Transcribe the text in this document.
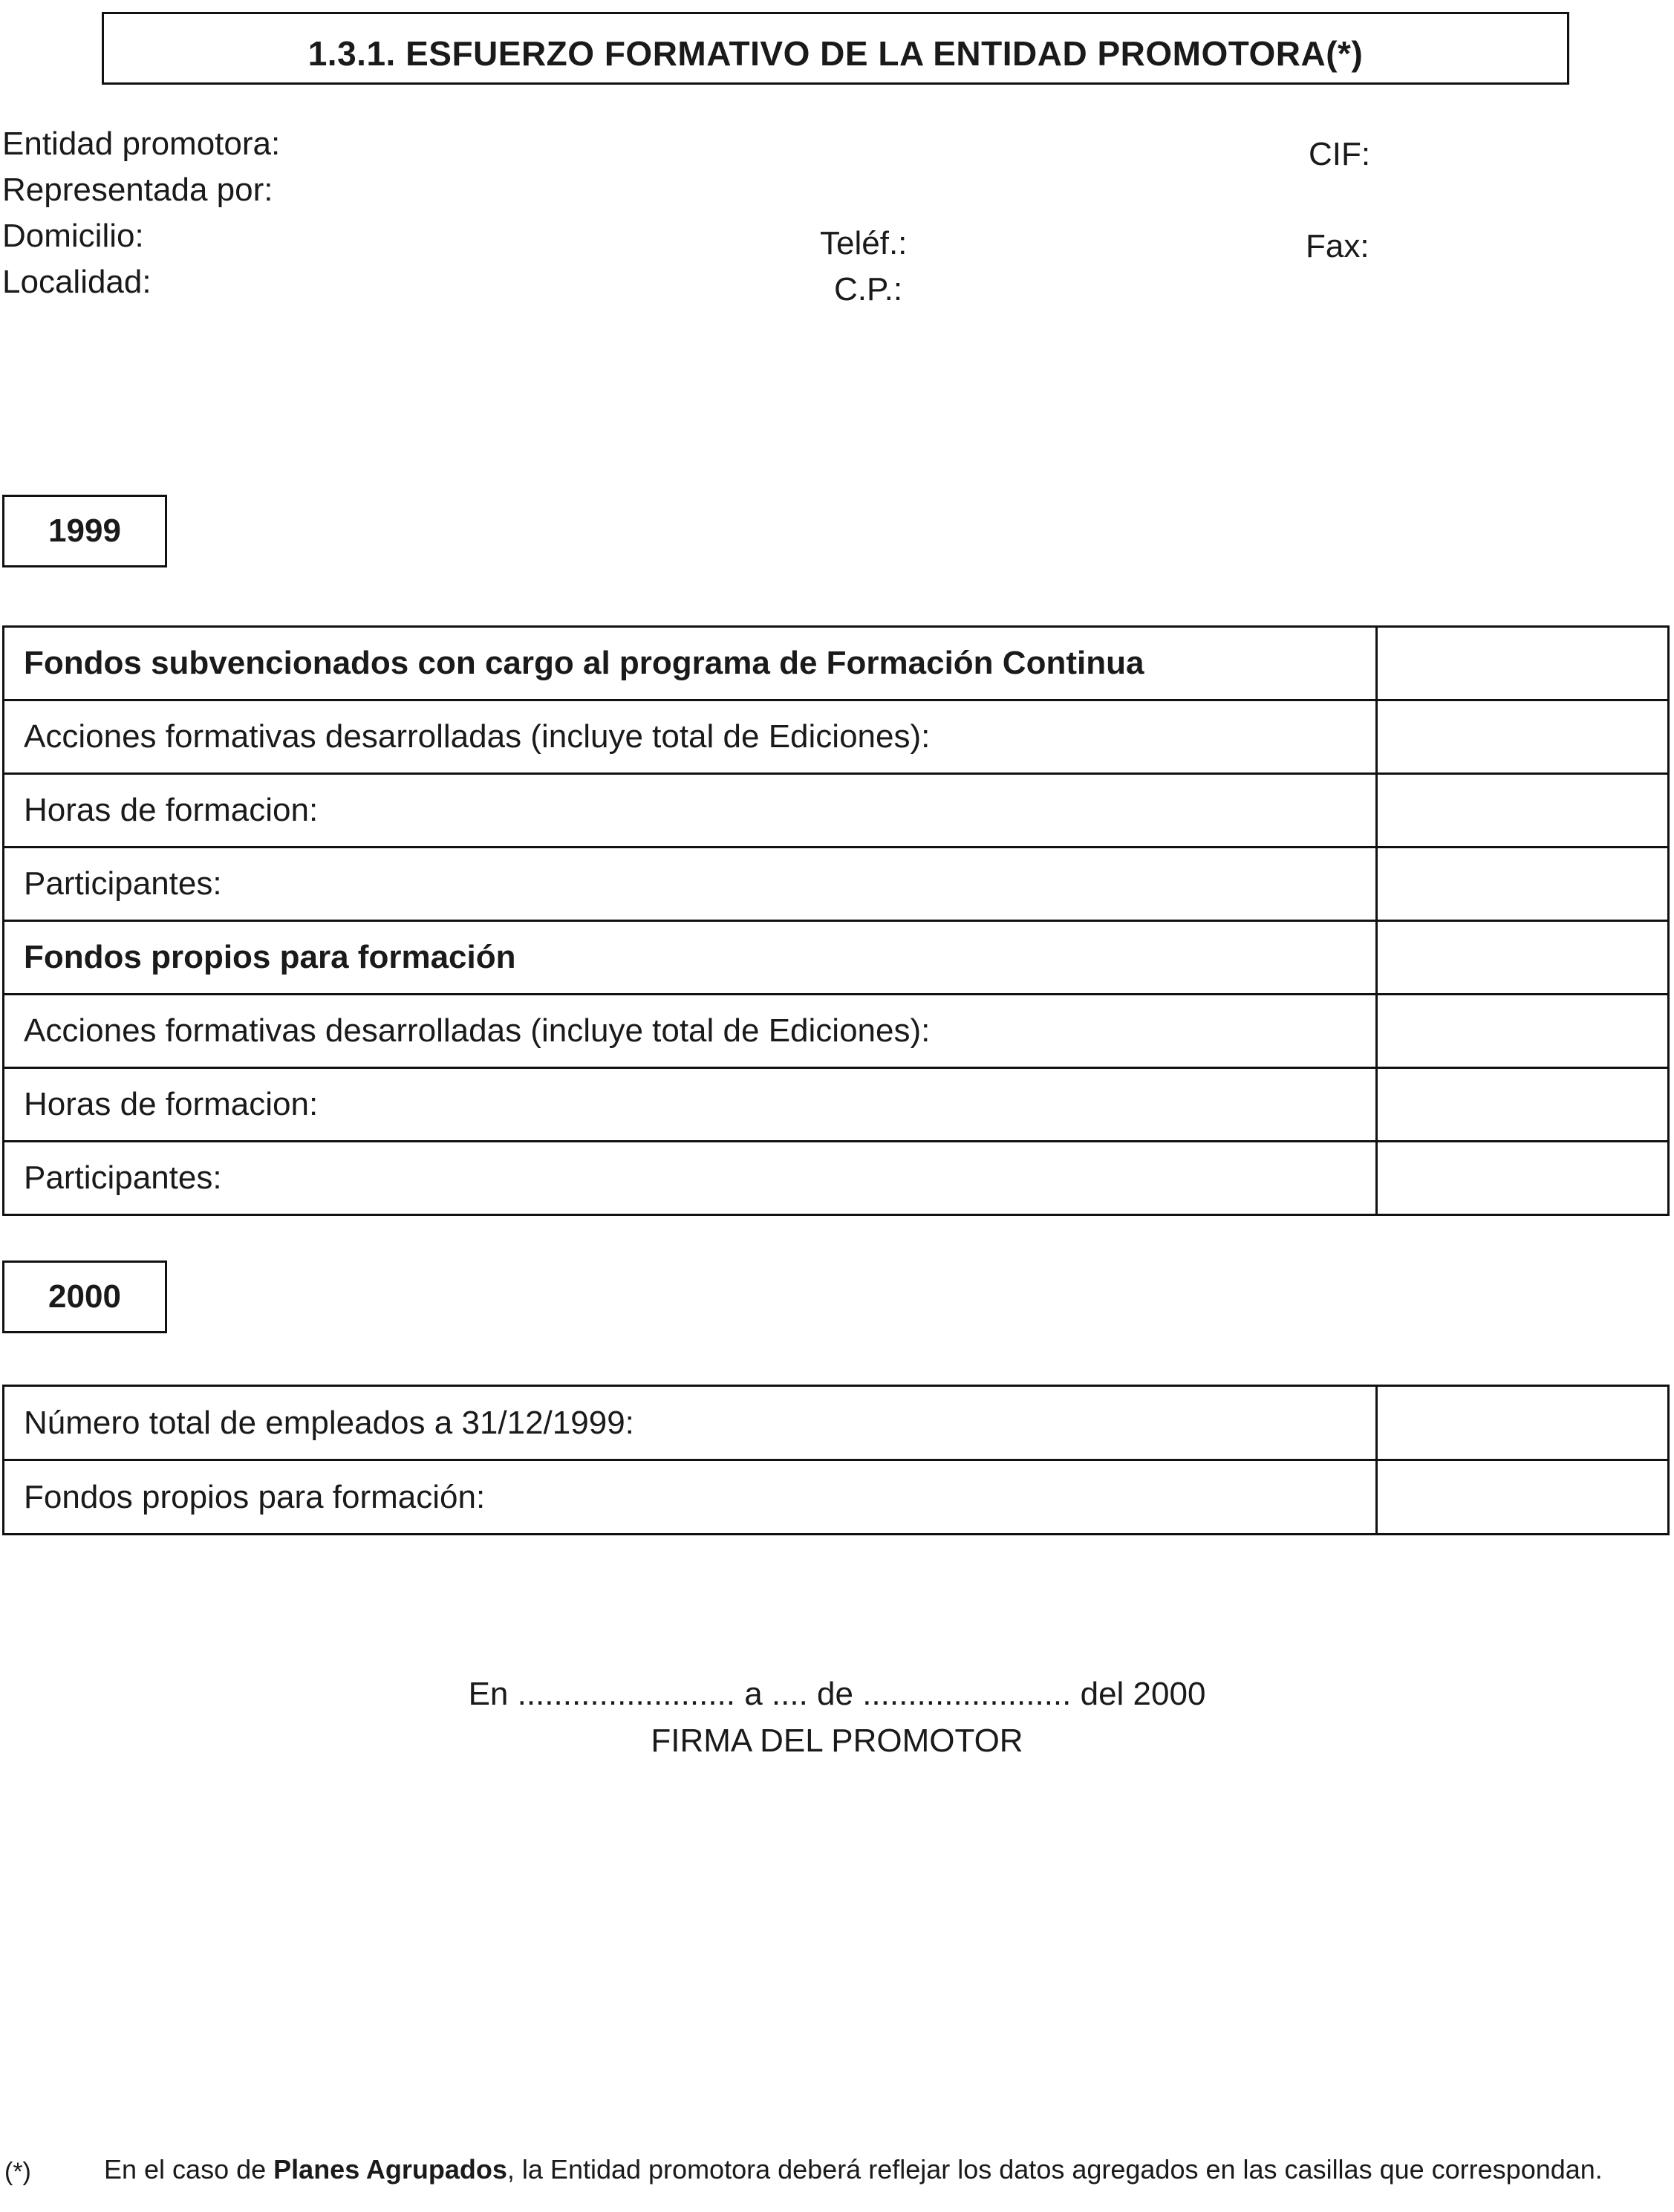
1.3.1. ESFUERZO FORMATIVO DE LA ENTIDAD PROMOTORA(*)
Entidad promotora:
Representada por:
Domicilio:
Localidad:
Teléf.:
C.P.:
CIF:
Fax:
1999
Fondos subvencionados con cargo al programa de Formación Continua	
Acciones formativas desarrolladas (incluye total de Ediciones):	
Horas de formacion:	
Participantes:	
Fondos propios para formación	
Acciones formativas desarrolladas (incluye total de Ediciones):	
Horas de formacion:	
Participantes:	
2000
Número total de empleados a 31/12/1999:	
Fondos propios para formación:	
En ........................ a .... de ....................... del 2000
FIRMA DEL PROMOTOR
(*)	En el caso de Planes Agrupados, la Entidad promotora deberá reflejar los datos agregados en las casillas que correspondan.
